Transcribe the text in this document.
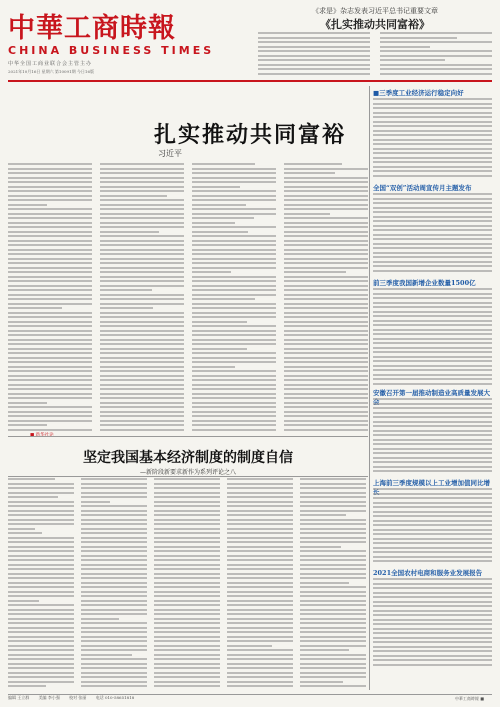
中華工商時報
CHINA BUSINESS TIMES
中华全国工商业联合会主管主办
2021年10月16日 星期六 第10091期 今日16版
《求是》杂志发表习近平总书记重要文章
《扎实推动共同富裕》
扎实推动共同富裕
习近平
坚定我国基本经济制度的制度自信
—新阶段新要求新作为系列评论之八
■三季度工业经济运行稳定向好
全国“双创”活动周宣传月主题发布
前三季度我国新增企业数量1500亿
安徽召开第一届推动制造业高质量发展大
上海前三季度规模以上工业增加值同比增
2021全国农村电商和服务业发展报告
编辑 王立群 美编 李小强 校对 张丽 电话 010-58651818	中華工商時報 ■
